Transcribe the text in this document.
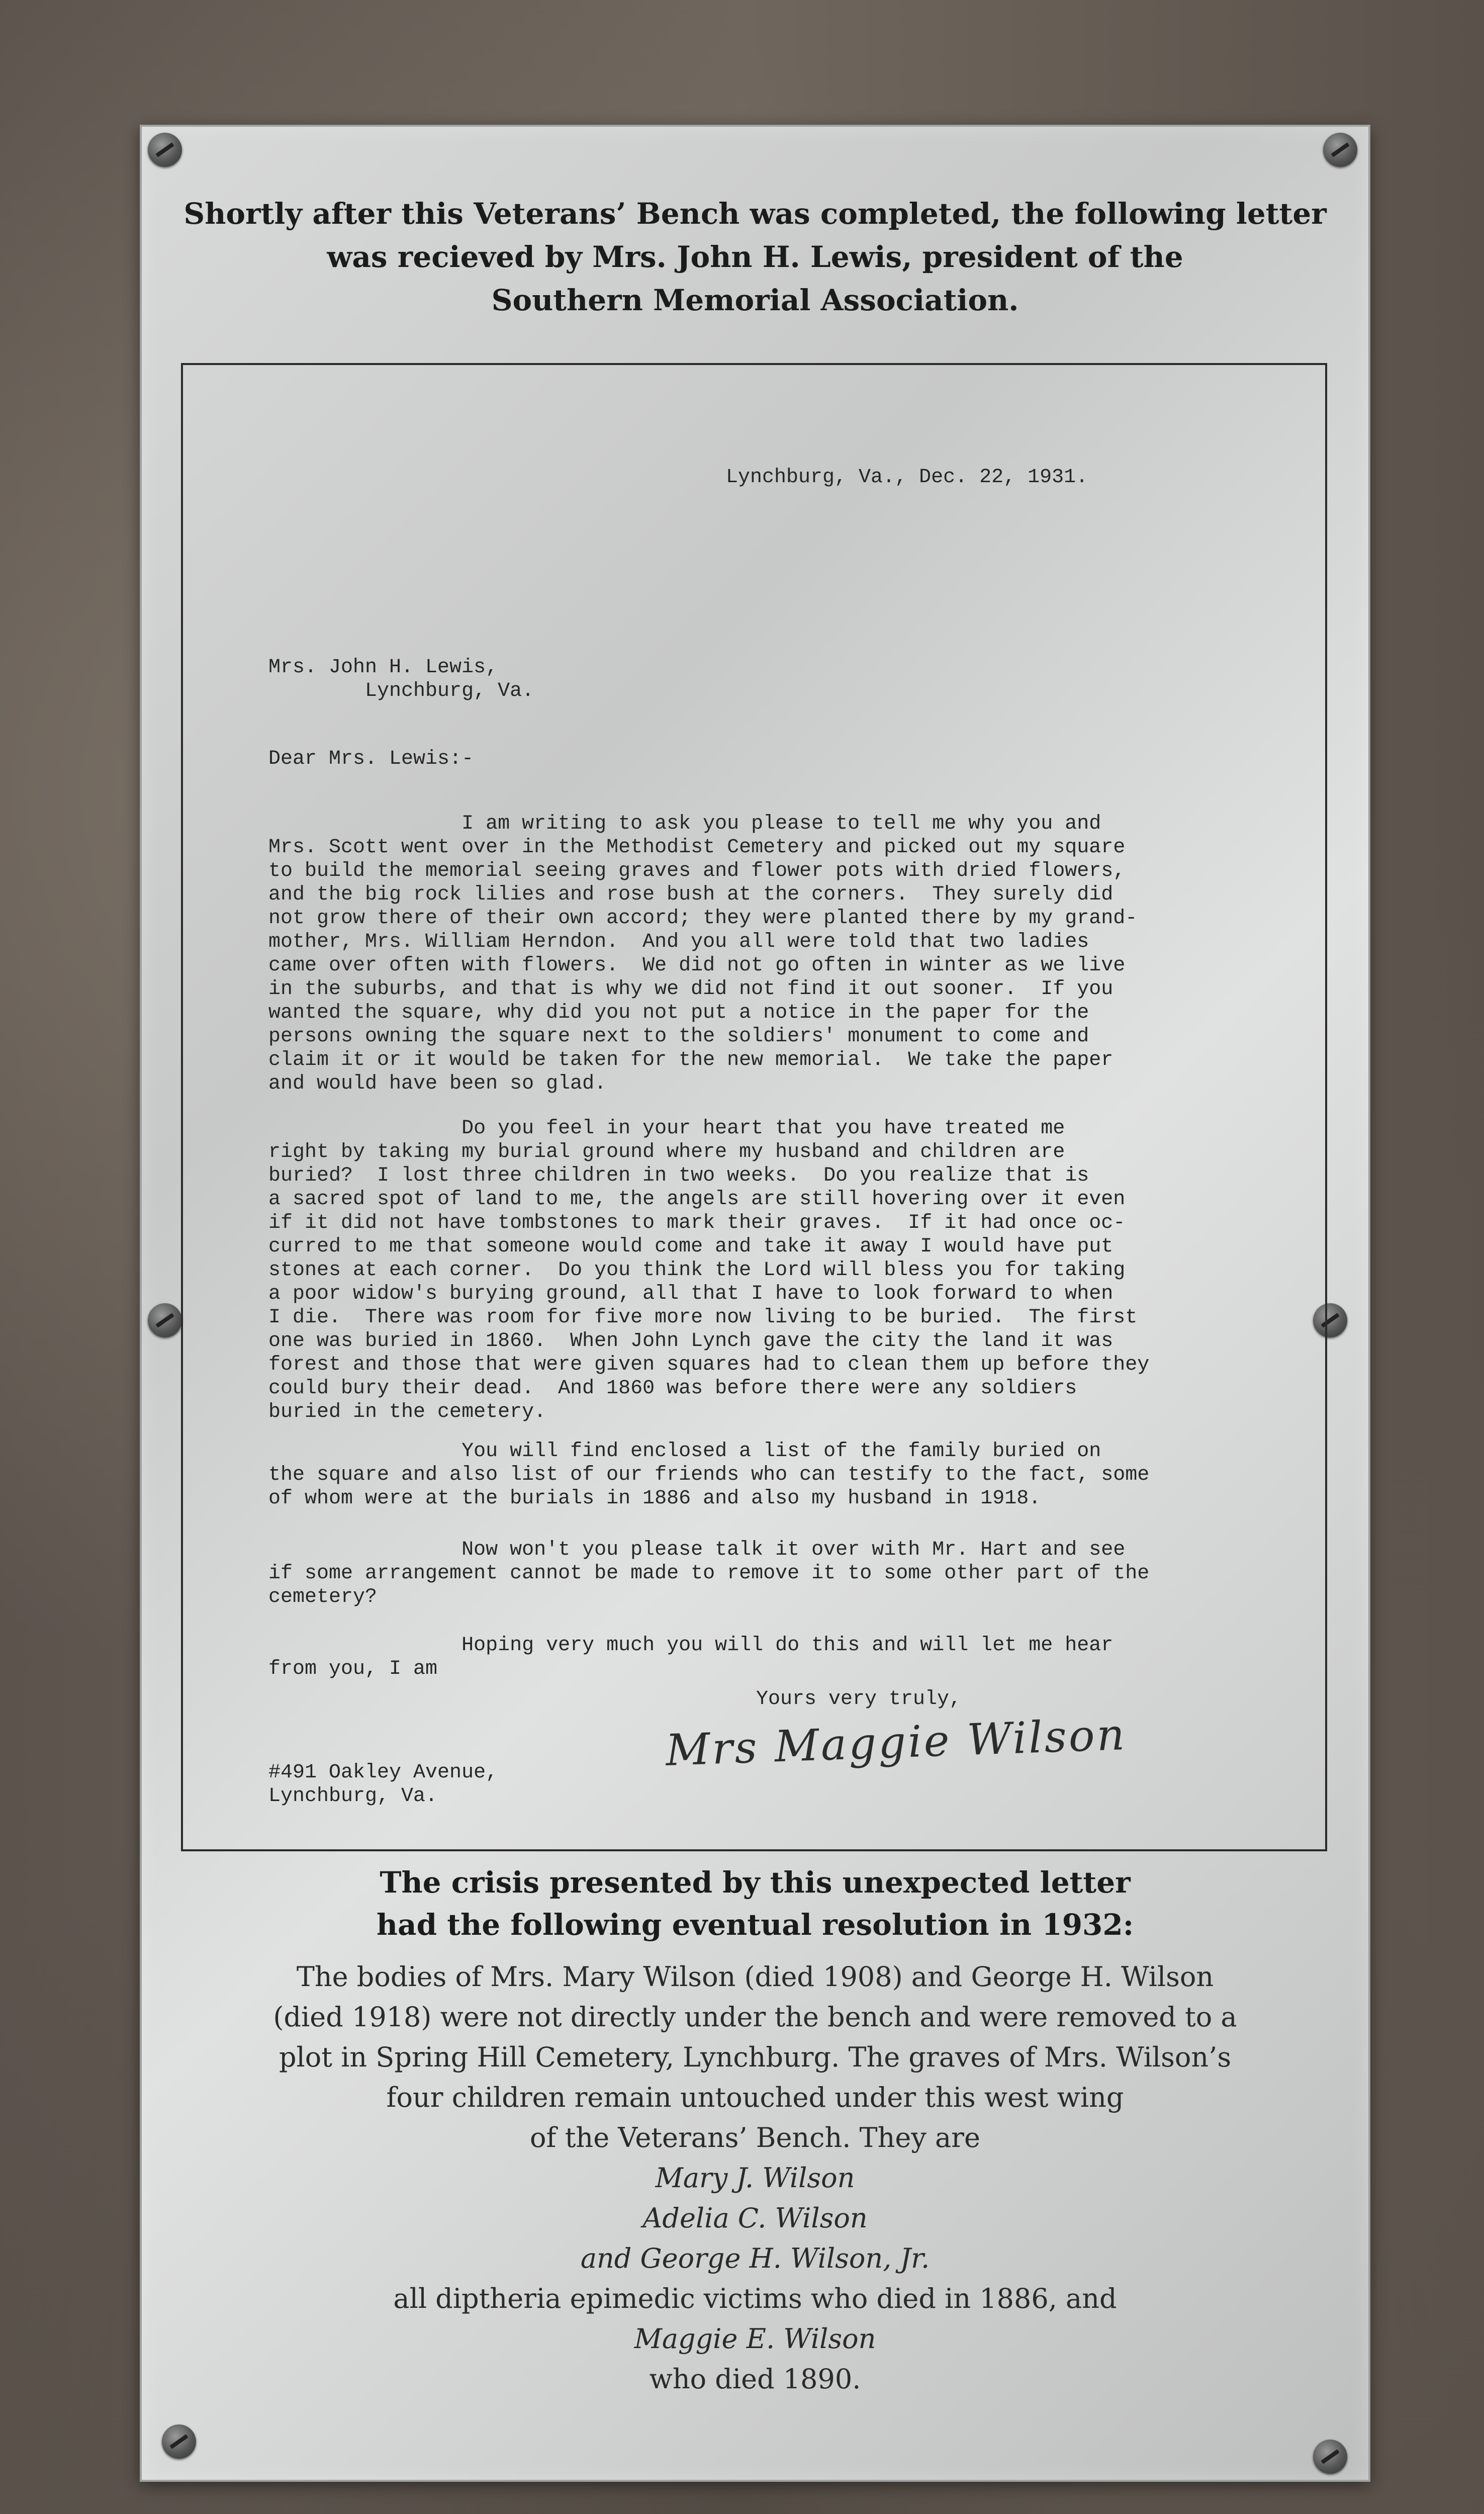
Shortly after this Veterans’ Bench was completed, the following letter
was recieved by Mrs. John H. Lewis, president of the
Southern Memorial Association.
Lynchburg, Va., Dec. 22, 1931.
Mrs. John H. Lewis,
Lynchburg, Va.
Dear Mrs. Lewis:-

I am writing to ask you please to tell me why you and
Mrs. Scott went over in the Methodist Cemetery and picked out my square
to build the memorial seeing graves and flower pots with dried flowers,
and the big rock lilies and rose bush at the corners.  They surely did
not grow there of their own accord; they were planted there by my grand-
mother, Mrs. William Herndon.  And you all were told that two ladies
came over often with flowers.  We did not go often in winter as we live
in the suburbs, and that is why we did not find it out sooner.  If you
wanted the square, why did you not put a notice in the paper for the
persons owning the square next to the soldiers' monument to come and
claim it or it would be taken for the new memorial.  We take the paper
and would have been so glad.

Do you feel in your heart that you have treated me
right by taking my burial ground where my husband and children are
buried?  I lost three children in two weeks.  Do you realize that is
a sacred spot of land to me, the angels are still hovering over it even
if it did not have tombstones to mark their graves.  If it had once oc-
curred to me that someone would come and take it away I would have put
stones at each corner.  Do you think the Lord will bless you for taking
a poor widow's burying ground, all that I have to look forward to when
I die.  There was room for five more now living to be buried.  The first
one was buried in 1860.  When John Lynch gave the city the land it was
forest and those that were given squares had to clean them up before they
could bury their dead.  And 1860 was before there were any soldiers
buried in the cemetery.

You will find enclosed a list of the family buried on
the square and also list of our friends who can testify to the fact, some
of whom were at the burials in 1886 and also my husband in 1918.

Now won't you please talk it over with Mr. Hart and see
if some arrangement cannot be made to remove it to some other part of the
cemetery?

Hoping very much you will do this and will let me hear
from you, I am
Yours very truly,
Mrs Maggie Wilson
#491 Oakley Avenue,
Lynchburg, Va.
The crisis presented by this unexpected letter
had the following eventual resolution in 1932:
The bodies of Mrs. Mary Wilson (died 1908) and George H. Wilson
(died 1918) were not directly under the bench and were removed to a
plot in Spring Hill Cemetery, Lynchburg. The graves of Mrs. Wilson’s
four children remain untouched under this west wing
of the Veterans’ Bench. They are
Mary J. Wilson
Adelia C. Wilson
and George H. Wilson, Jr.
all diptheria epimedic victims who died in 1886, and
Maggie E. Wilson
who died 1890.
